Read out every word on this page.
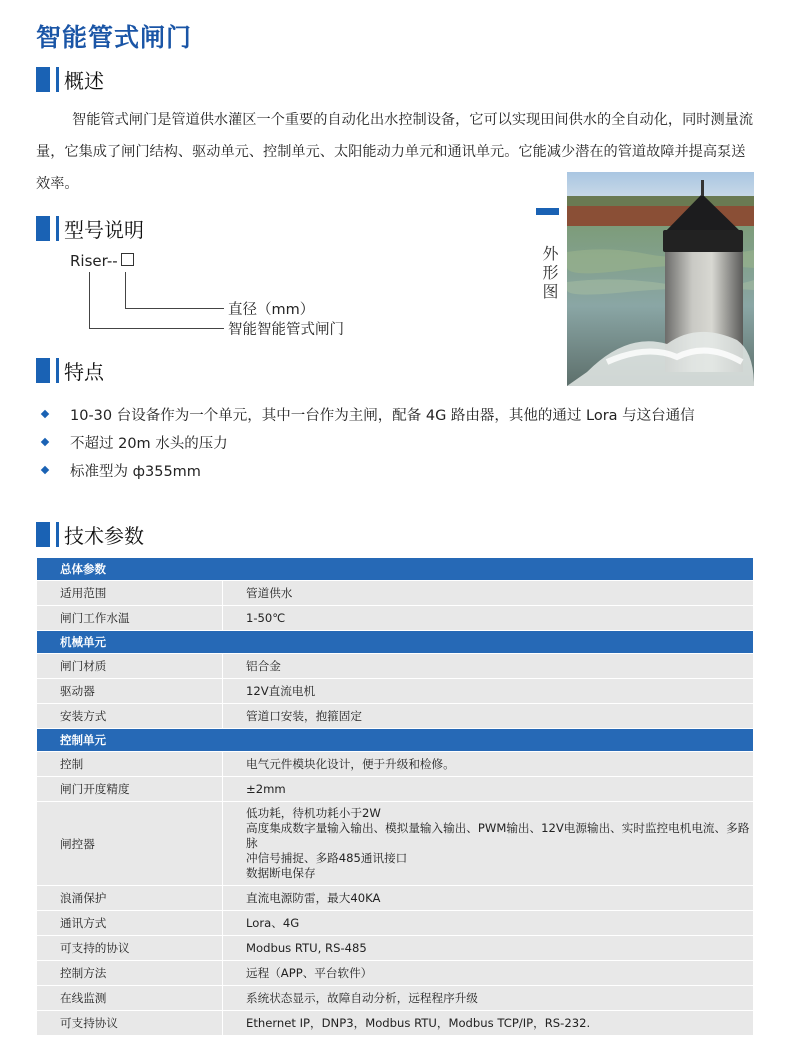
智能管式闸门
概述

智能管式闸门是管道供水灌区一个重要的自动化出水控制设备，它可以实现田间供水的全自动化，同时测量流量，它集成了闸门结构、驱动单元、控制单元、太阳能动力单元和通讯单元。它能减少潜在的管道故障并提高泵送效率。

型号说明
Riser--
直径（mm）
智能智能管式闸门
外形图
特点
10-30 台设备作为一个单元，其中一台作为主闸，配备 4G 路由器，其他的通过 Lora 与这台通信
不超过 20m 水头的压力
标准型为 ф355mm
技术参数
总体参数	
适用范围	管道供水
闸门工作水温	1-50℃
机械单元	
闸门材质	铝合金
驱动器	12V直流电机
安装方式	管道口安装，抱箍固定
控制单元	
控制	电气元件模块化设计，便于升级和检修。
闸门开度精度	±2mm
闸控器	低功耗，待机功耗小于2W
高度集成数字量输入输出、模拟量输入输出、PWM输出、12V电源输出、实时监控电机电流、多路脉
冲信号捕捉、多路485通讯接口
数据断电保存

浪涌保护	直流电源防雷，最大40KA
通讯方式	Lora、4G
可支持的协议	Modbus RTU, RS-485
控制方法	远程（APP、平台软件）
在线监测	系统状态显示，故障自动分析，远程程序升级
可支持协议	Ethernet IP，DNP3，Modbus RTU，Modbus TCP/IP，RS-232.
